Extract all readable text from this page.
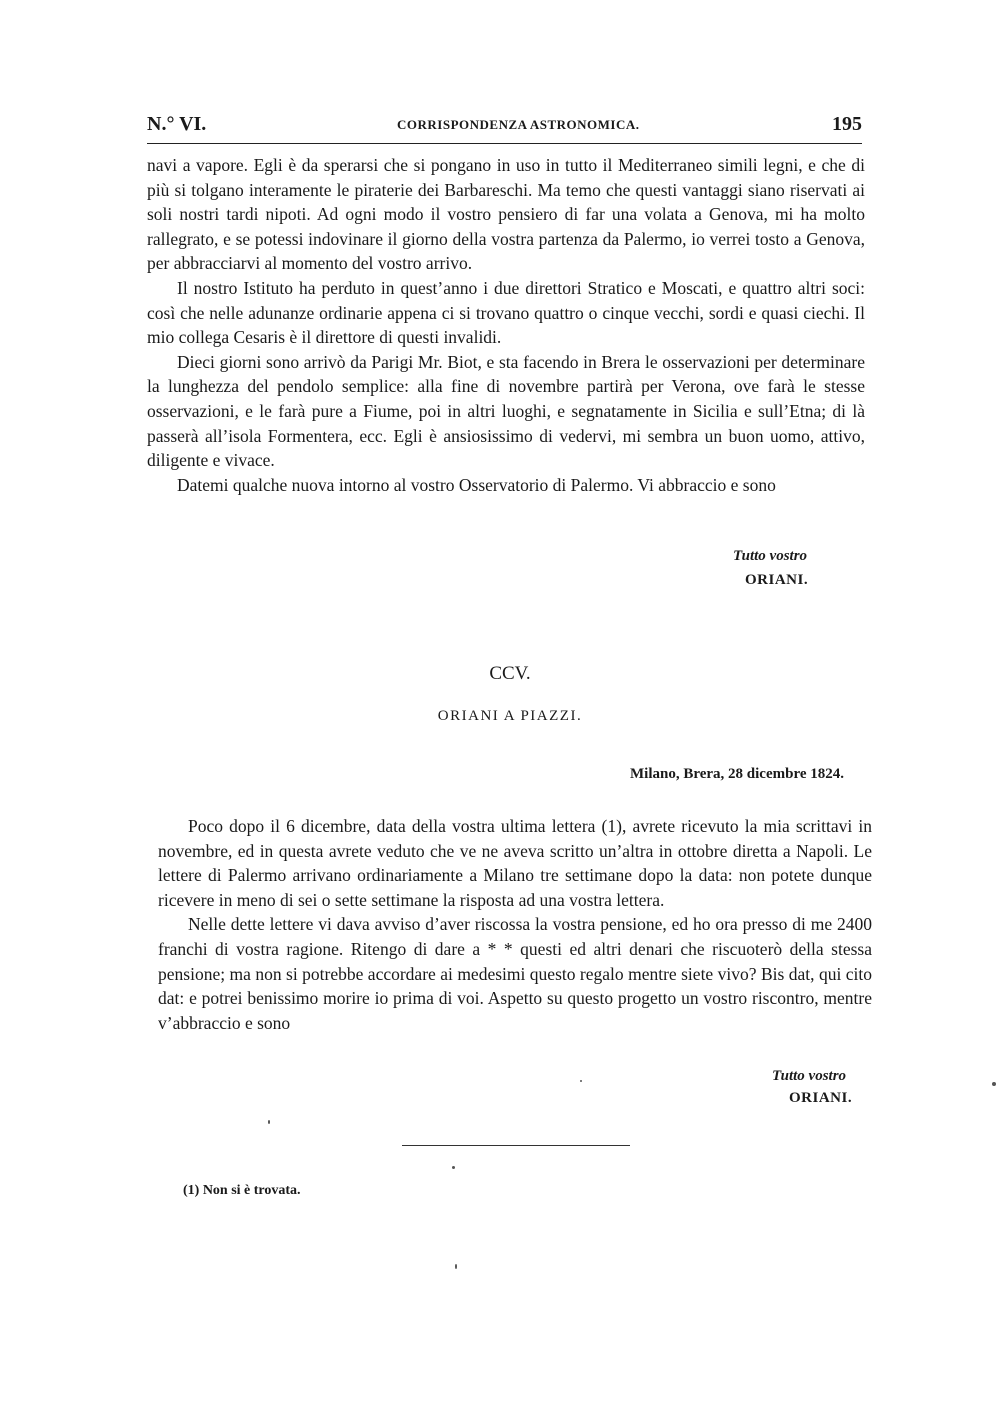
N.° VI.	CORRISPONDENZA ASTRONOMICA.	195

navi a vapore. Egli è da sperarsi che si pongano in uso in tutto il Mediterraneo simili legni, e che di più si tolgano interamente le piraterie dei Barbareschi. Ma temo che questi vantaggi siano riservati ai soli nostri tardi nipoti. Ad ogni modo il vostro pensiero di far una volata a Genova, mi ha molto rallegrato, e se potessi indovinare il giorno della vostra partenza da Palermo, io verrei tosto a Genova, per abbracciarvi al momento del vostro arrivo.

Il nostro Istituto ha perduto in quest’anno i due direttori Stratico e Moscati, e quattro altri soci: così che nelle adunanze ordinarie appena ci si trovano quattro o cinque vecchi, sordi e quasi ciechi. Il mio collega Cesaris è il direttore di questi invalidi.

Dieci giorni sono arrivò da Parigi Mr. Biot, e sta facendo in Brera le osservazioni per determinare la lunghezza del pendolo semplice: alla fine di novembre partirà per Verona, ove farà le stesse osservazioni, e le farà pure a Fiume, poi in altri luoghi, e segnatamente in Sicilia e sull’Etna; di là passerà all’isola Formentera, ecc. Egli è ansiosissimo di vedervi, mi sembra un buon uomo, attivo, diligente e vivace.

Datemi qualche nuova intorno al vostro Osservatorio di Palermo. Vi abbraccio e sono

Tutto vostro
ORIANI.
CCV.
ORIANI A PIAZZI.
Milano, Brera, 28 dicembre 1824.

Poco dopo il 6 dicembre, data della vostra ultima lettera (1), avrete ricevuto la mia scrittavi in novembre, ed in questa avrete veduto che ve ne aveva scritto un’altra in ottobre diretta a Napoli. Le lettere di Palermo arrivano ordinariamente a Milano tre settimane dopo la data: non potete dunque ricevere in meno di sei o sette settimane la risposta ad una vostra lettera.

Nelle dette lettere vi dava avviso d’aver riscossa la vostra pensione, ed ho ora presso di me 2400 franchi di vostra ragione. Ritengo di dare a * * questi ed altri denari che riscuoterò della stessa pensione; ma non si potrebbe accordare ai medesimi questo regalo mentre siete vivo? Bis dat, qui cito dat: e potrei benissimo morire io prima di voi. Aspetto su questo progetto un vostro riscontro, mentre v’abbraccio e sono

Tutto vostro
ORIANI.
(1) Non si è trovata.
